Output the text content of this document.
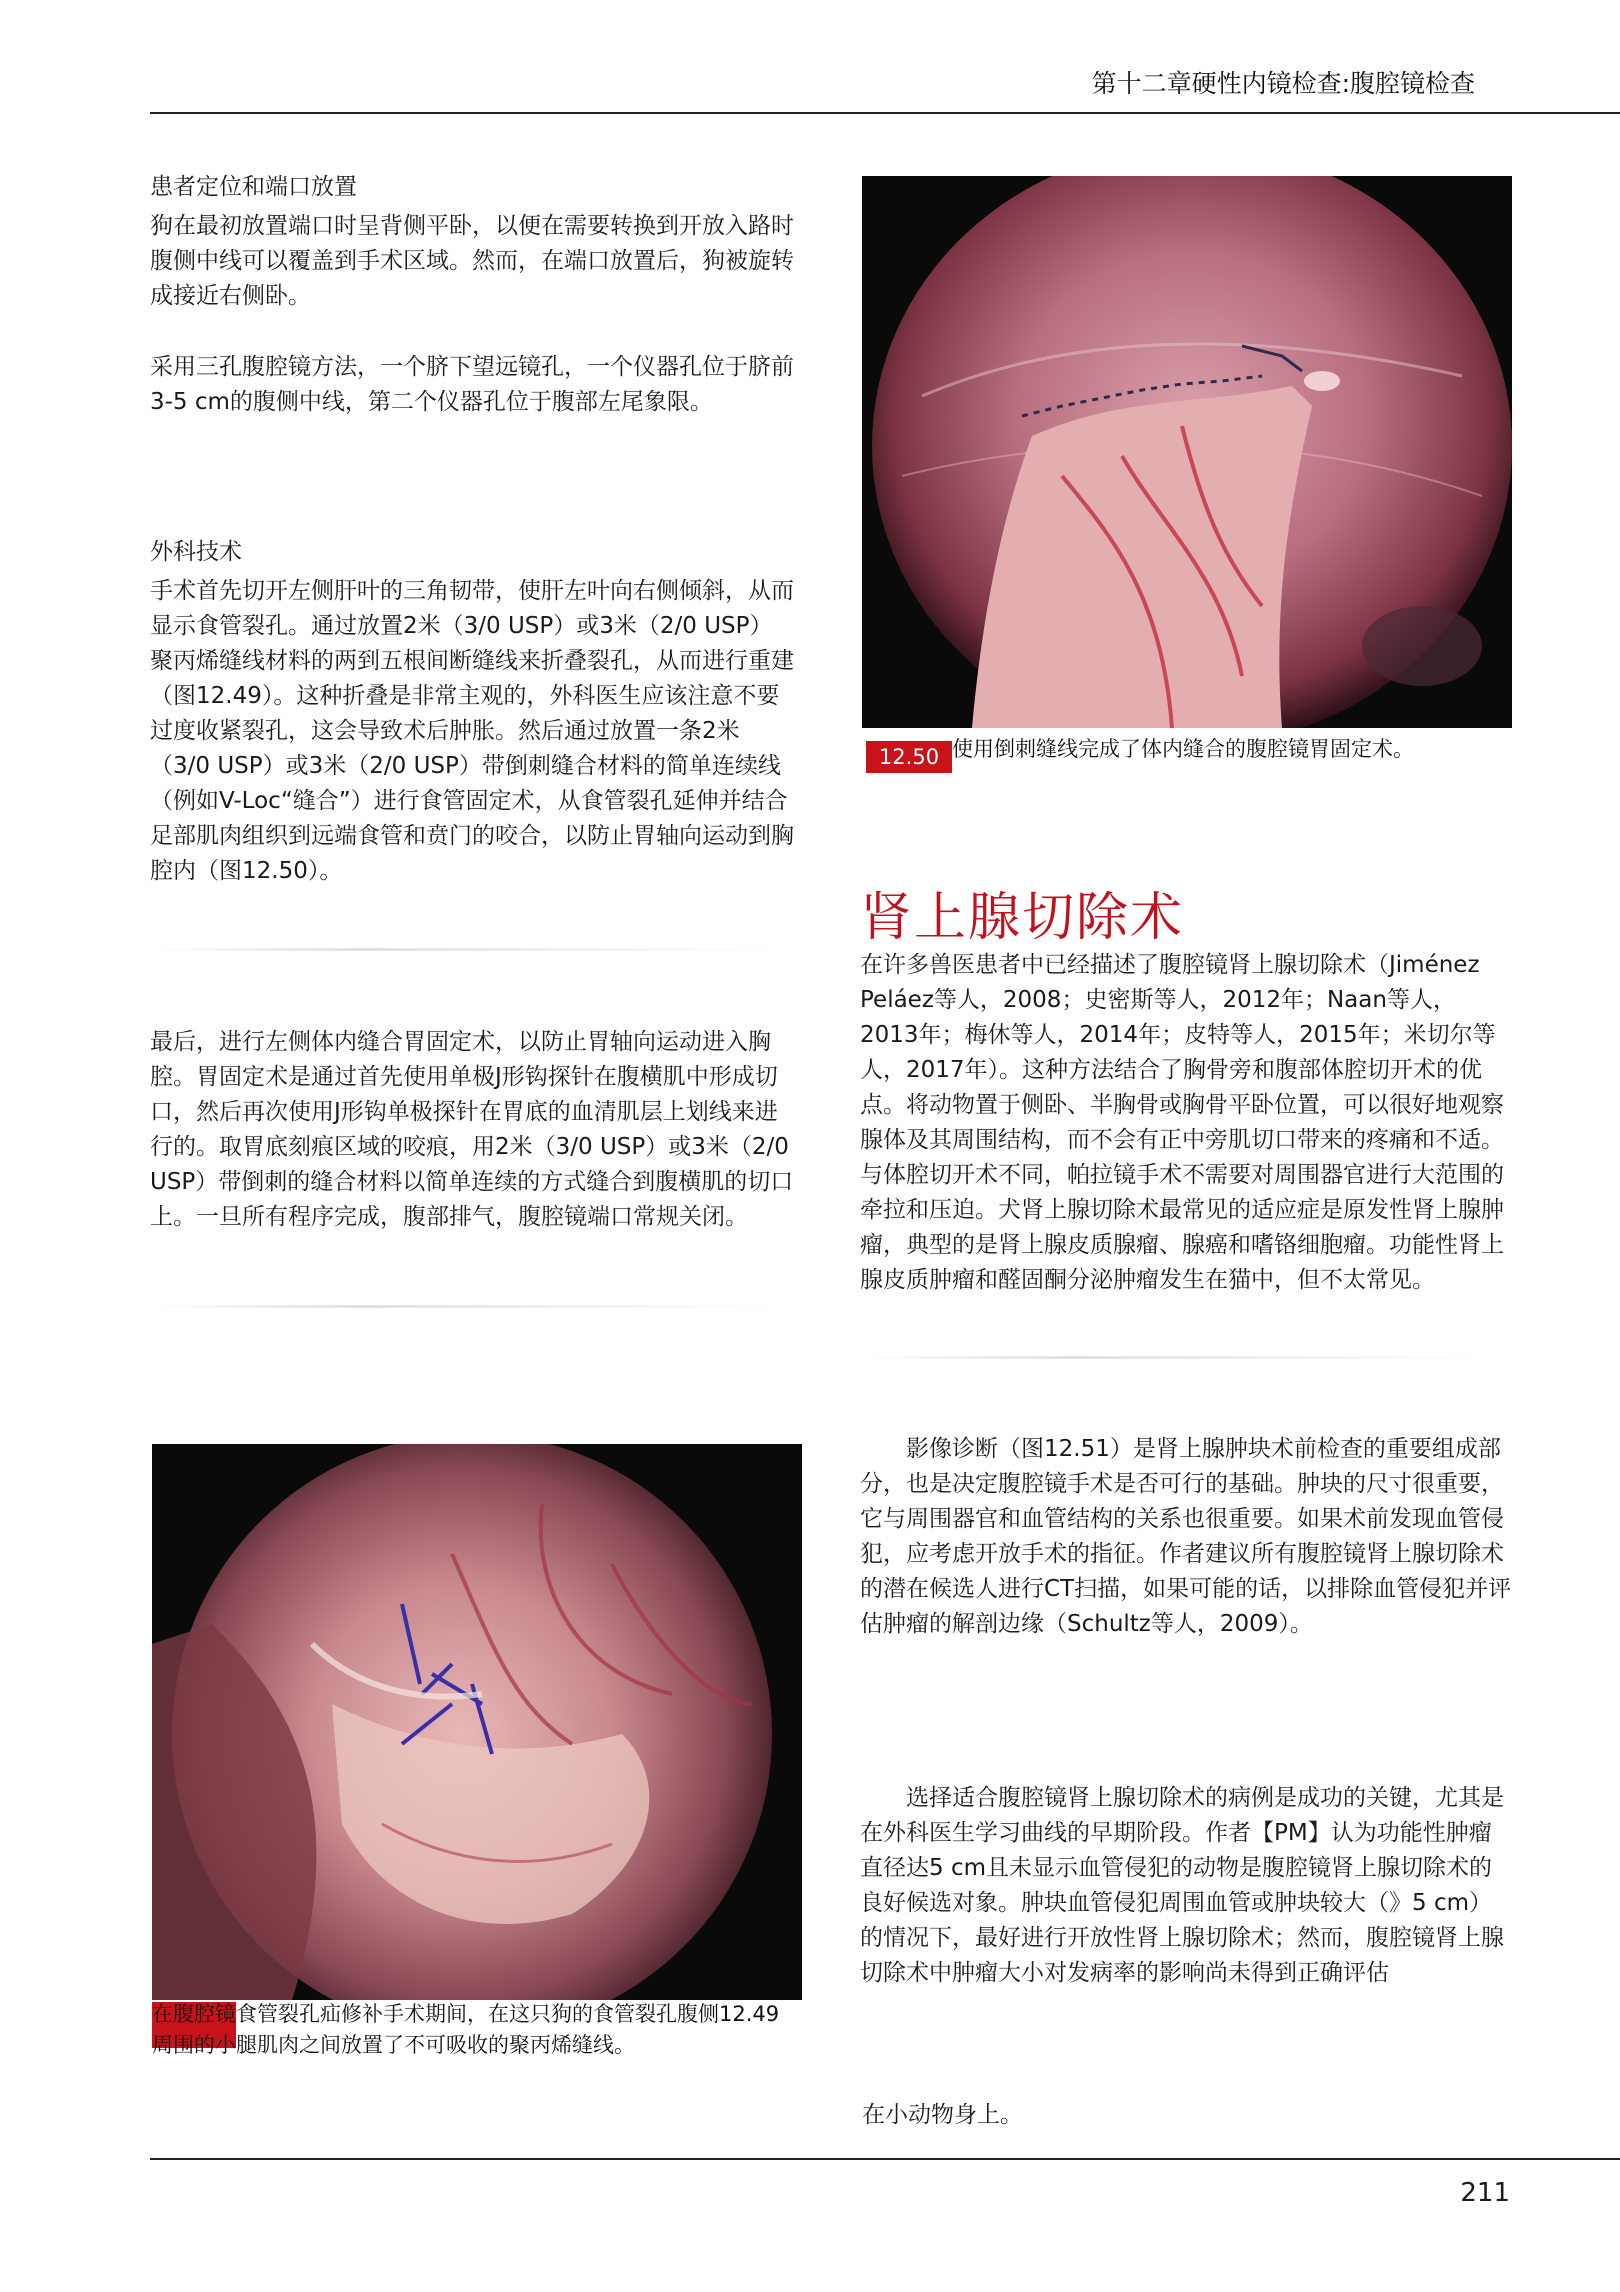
第十二章硬性内镜检查:腹腔镜检查
患者定位和端口放置
狗在最初放置端口时呈背侧平卧，以便在需要转换到开放入路时腹侧中线可以覆盖到手术区域。然而，在端口放置后，狗被旋转成接近右侧卧。
采用三孔腹腔镜方法，一个脐下望远镜孔，一个仪器孔位于脐前3-5 cm的腹侧中线，第二个仪器孔位于腹部左尾象限。
外科技术
手术首先切开左侧肝叶的三角韧带，使肝左叶向右侧倾斜，从而显示食管裂孔。通过放置2米（3/0 USP）或3米（2/0 USP）聚丙烯缝线材料的两到五根间断缝线来折叠裂孔，从而进行重建（图12.49）。这种折叠是非常主观的，外科医生应该注意不要过度收紧裂孔，这会导致术后肿胀。然后通过放置一条2米（3/0 USP）或3米（2/0 USP）带倒刺缝合材料的简单连续线（例如V-Loc“缝合”）进行食管固定术，从食管裂孔延伸并结合足部肌肉组织到远端食管和贲门的咬合，以防止胃轴向运动到胸腔内（图12.50）。
最后，进行左侧体内缝合胃固定术，以防止胃轴向运动进入胸腔。胃固定术是通过首先使用单极J形钩探针在腹横肌中形成切口，然后再次使用J形钩单极探针在胃底的血清肌层上划线来进行的。取胃底刻痕区域的咬痕，用2米（3/0 USP）或3米（2/0 USP）带倒刺的缝合材料以简单连续的方式缝合到腹横肌的切口上。一旦所有程序完成，腹部排气，腹腔镜端口常规关闭。
在腹腔镜食管裂孔疝修补手术期间，在这只狗的食管裂孔腹侧12.49周围的小腿肌肉之间放置了不可吸收的聚丙烯缝线。
12.50 使用倒刺缝线完成了体内缝合的腹腔镜胃固定术。
肾上腺切除术
在许多兽医患者中已经描述了腹腔镜肾上腺切除术（Jiménez Peláez等人，2008；史密斯等人，2012年；Naan等人，2013年；梅休等人，2014年；皮特等人，2015年；米切尔等人，2017年）。这种方法结合了胸骨旁和腹部体腔切开术的优点。将动物置于侧卧、半胸骨或胸骨平卧位置，可以很好地观察腺体及其周围结构，而不会有正中旁肌切口带来的疼痛和不适。与体腔切开术不同，帕拉镜手术不需要对周围器官进行大范围的牵拉和压迫。犬肾上腺切除术最常见的适应症是原发性肾上腺肿瘤，典型的是肾上腺皮质腺瘤、腺癌和嗜铬细胞瘤。功能性肾上腺皮质肿瘤和醛固酮分泌肿瘤发生在猫中，但不太常见。
影像诊断（图12.51）是肾上腺肿块术前检查的重要组成部分，也是决定腹腔镜手术是否可行的基础。肿块的尺寸很重要，它与周围器官和血管结构的关系也很重要。如果术前发现血管侵犯，应考虑开放手术的指征。作者建议所有腹腔镜肾上腺切除术的潜在候选人进行CT扫描，如果可能的话，以排除血管侵犯并评估肿瘤的解剖边缘（Schultz等人，2009）。
选择适合腹腔镜肾上腺切除术的病例是成功的关键，尤其是在外科医生学习曲线的早期阶段。作者【PM】认为功能性肿瘤直径达5 cm且未显示血管侵犯的动物是腹腔镜肾上腺切除术的良好候选对象。肿块血管侵犯周围血管或肿块较大（》5 cm）的情况下，最好进行开放性肾上腺切除术；然而，腹腔镜肾上腺切除术中肿瘤大小对发病率的影响尚未得到正确评估
在小动物身上。
211
